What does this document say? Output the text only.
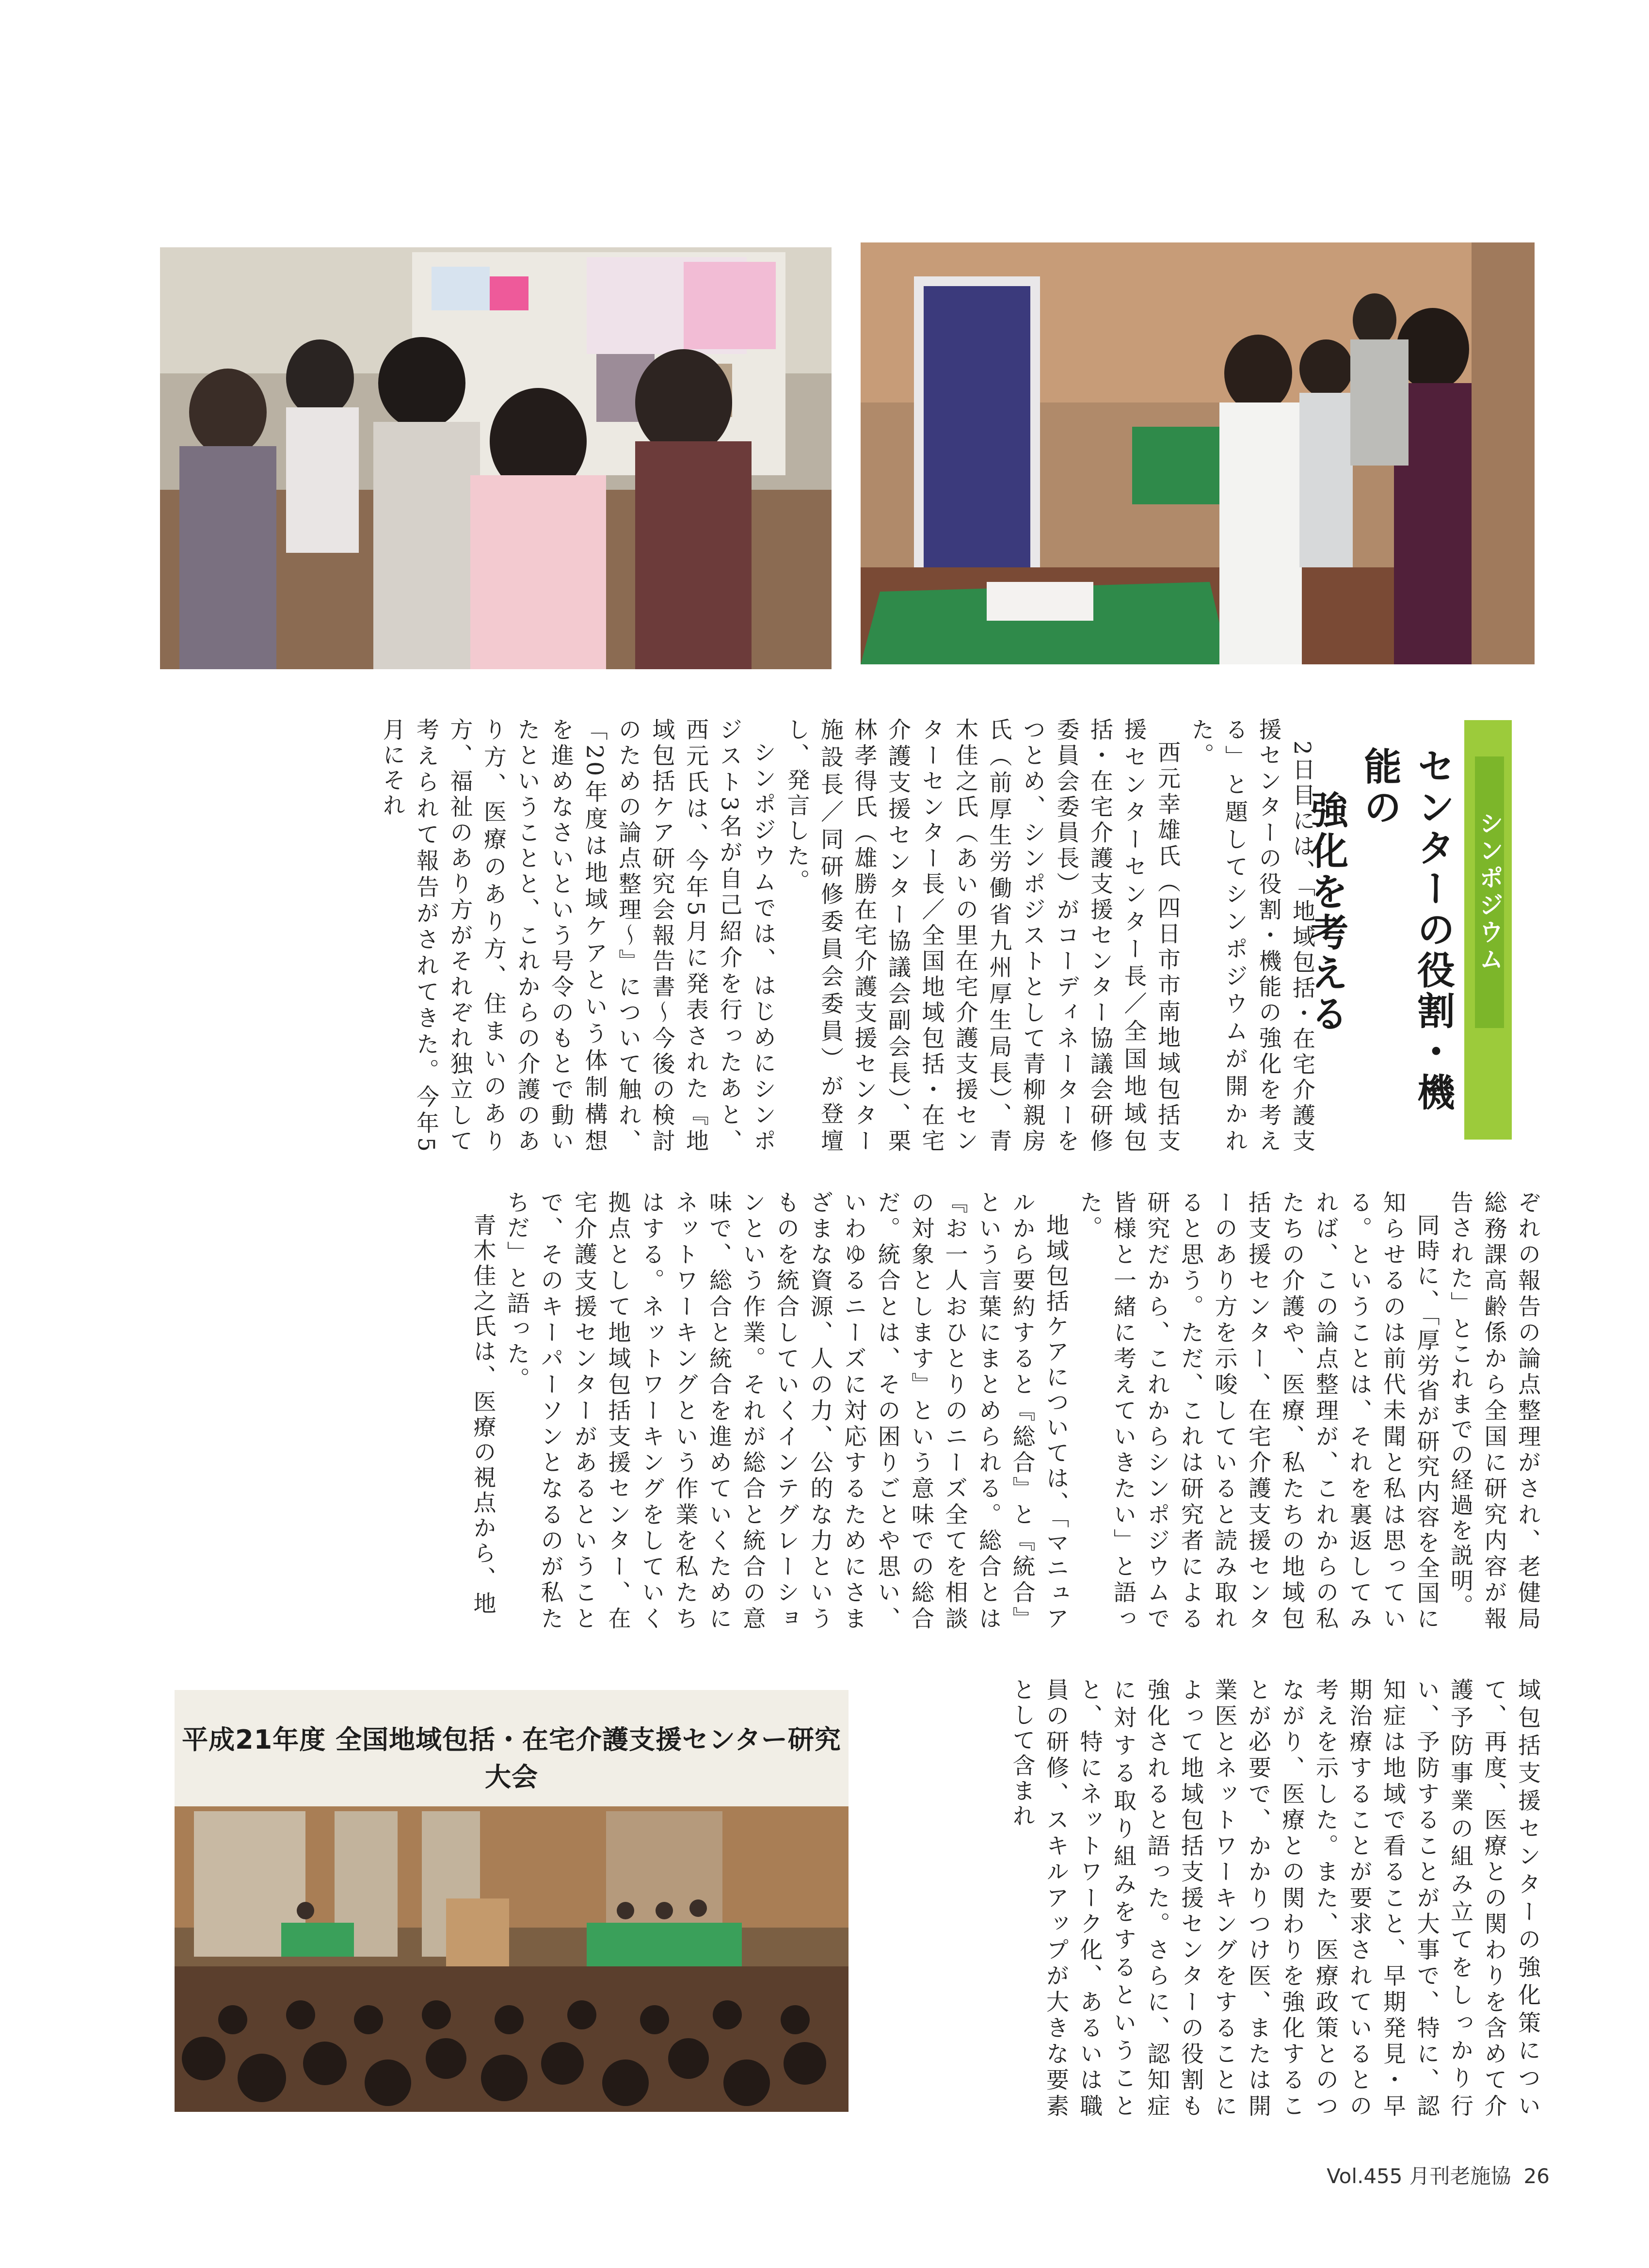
シンポジウム
センターの役割・機能の
強化を考える

2日目には、「地域包括・在宅介護支援センターの役割・機能の強化を考える」と題してシンポジウムが開かれた。

西元幸雄氏（四日市市南地域包括支援センターセンター長／全国地域包括・在宅介護支援センター協議会研修委員会委員長）がコーディネーターをつとめ、シンポジストとして青柳親房氏（前厚生労働省九州厚生局長）、青木佳之氏（あいの里在宅介護支援センターセンター長／全国地域包括・在宅介護支援センター協議会副会長）、栗林孝得氏（雄勝在宅介護支援センター施設長／同研修委員会委員）が登壇し、発言した。

シンポジウムでは、はじめにシンポジスト3名が自己紹介を行ったあと、西元氏は、今年5月に発表された『地域包括ケア研究会報告書～今後の検討のための論点整理～』について触れ、「20年度は地域ケアという体制構想を進めなさいという号令のもとで動いたということと、これからの介護のあり方、医療のあり方、住まいのあり方、福祉のあり方がそれぞれ独立して考えられて報告がされてきた。今年5月にそれ

ぞれの報告の論点整理がされ、老健局総務課高齢係から全国に研究内容が報告された」とこれまでの経過を説明。

同時に、「厚労省が研究内容を全国に知らせるのは前代未聞と私は思っている。ということは、それを裏返してみれば、この論点整理が、これからの私たちの介護や、医療、私たちの地域包括支援センター、在宅介護支援センターのあり方を示唆していると読み取れると思う。ただ、これは研究者による研究だから、これからシンポジウムで皆様と一緒に考えていきたい」と語った。

地域包括ケアについては、「マニュアルから要約すると『総合』と『統合』という言葉にまとめられる。総合とは『お一人おひとりのニーズ全てを相談の対象とします』という意味での総合だ。統合とは、その困りごとや思い、いわゆるニーズに対応するためにさまざまな資源、人の力、公的な力というものを統合していくインテグレーションという作業。それが総合と統合の意味で、総合と統合を進めていくためにネットワーキングという作業を私たちはする。ネットワーキングをしていく拠点として地域包括支援センター、在宅介護支援センターがあるということで、そのキーパーソンとなるのが私たちだ」と語った。

青木佳之氏は、医療の視点から、地

域包括支援センターの強化策について、再度、医療との関わりを含めて介護予防事業の組み立てをしっかり行い、予防することが大事で、特に、認知症は地域で看ること、早期発見・早期治療することが要求されているとの考えを示した。また、医療政策とのつながり、医療との関わりを強化することが必要で、かかりつけ医、または開業医とネットワーキングをすることによって地域包括支援センターの役割も強化されると語った。さらに、認知症に対する取り組みをするということと、特にネットワーク化、あるいは職員の研修、スキルアップが大きな要素として含まれ

平成21年度 全国地域包括・在宅介護支援センター研究大会
Vol.455 月刊老施協 26
